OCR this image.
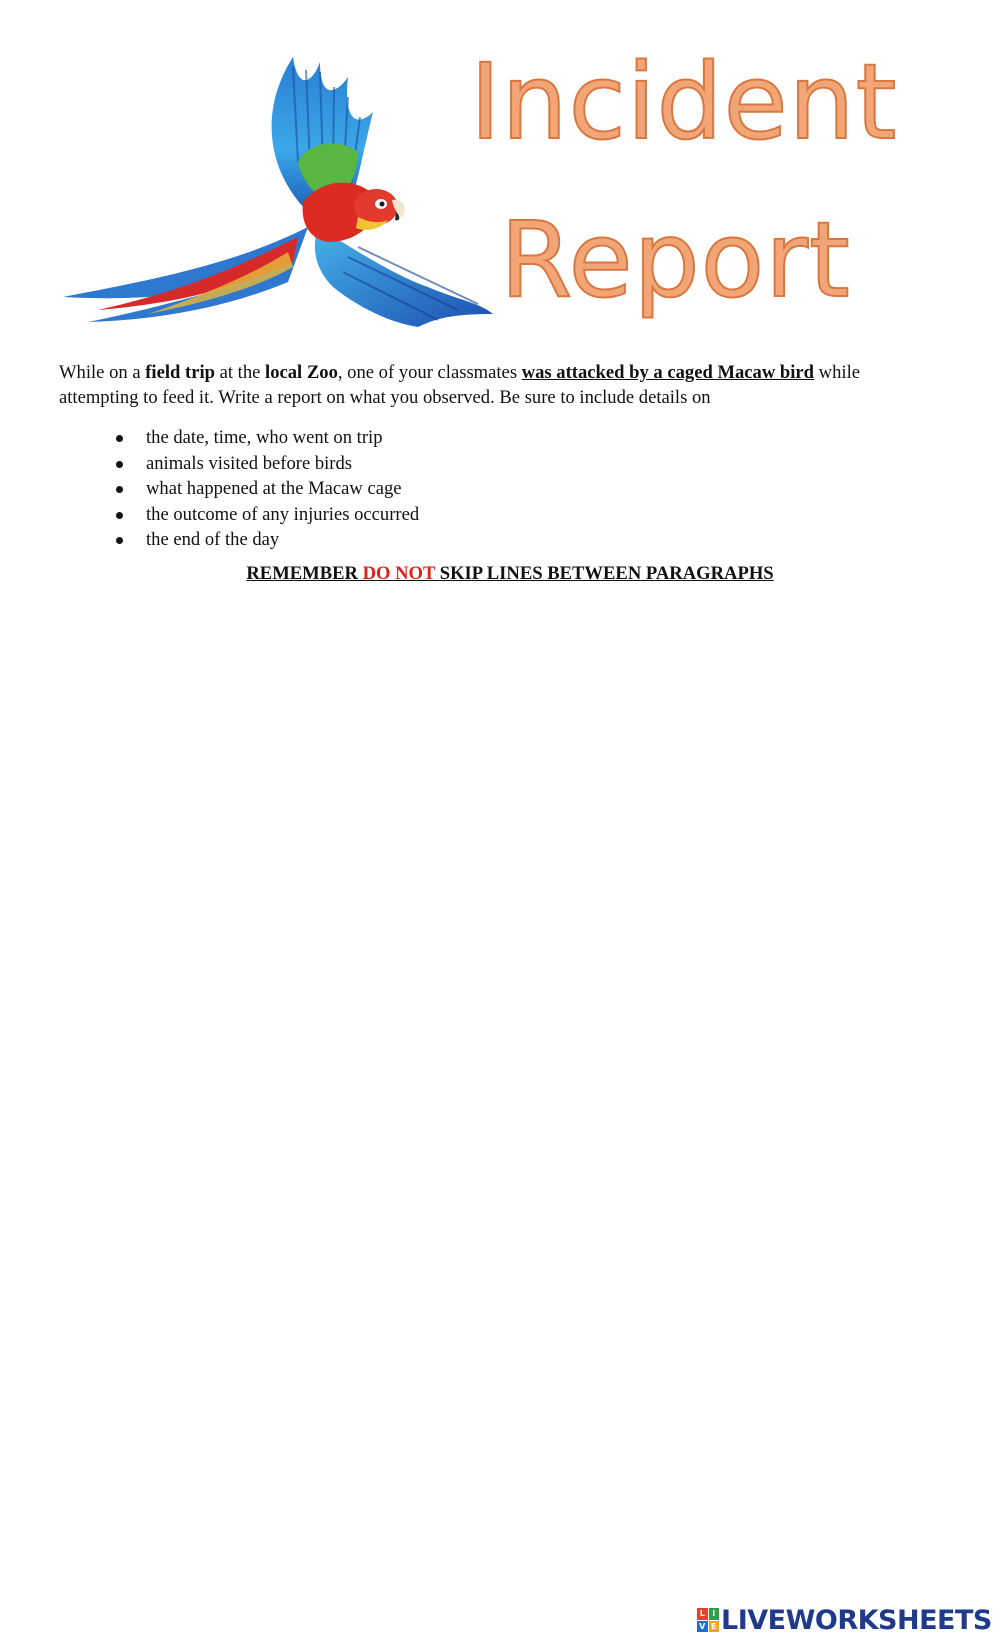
Incident
Report
While on a field trip at the local Zoo, one of your classmates was attacked by a caged Macaw bird while attempting to feed it. Write a report on what you observed. Be sure to include details on
the date, time, who went on trip
animals visited before birds
what happened at the Macaw cage
the outcome of any injuries occurred
the end of the day
REMEMBER DO NOT SKIP LINES BETWEEN PARAGRAPHS
L I
V E LIVEWORKSHEETS
